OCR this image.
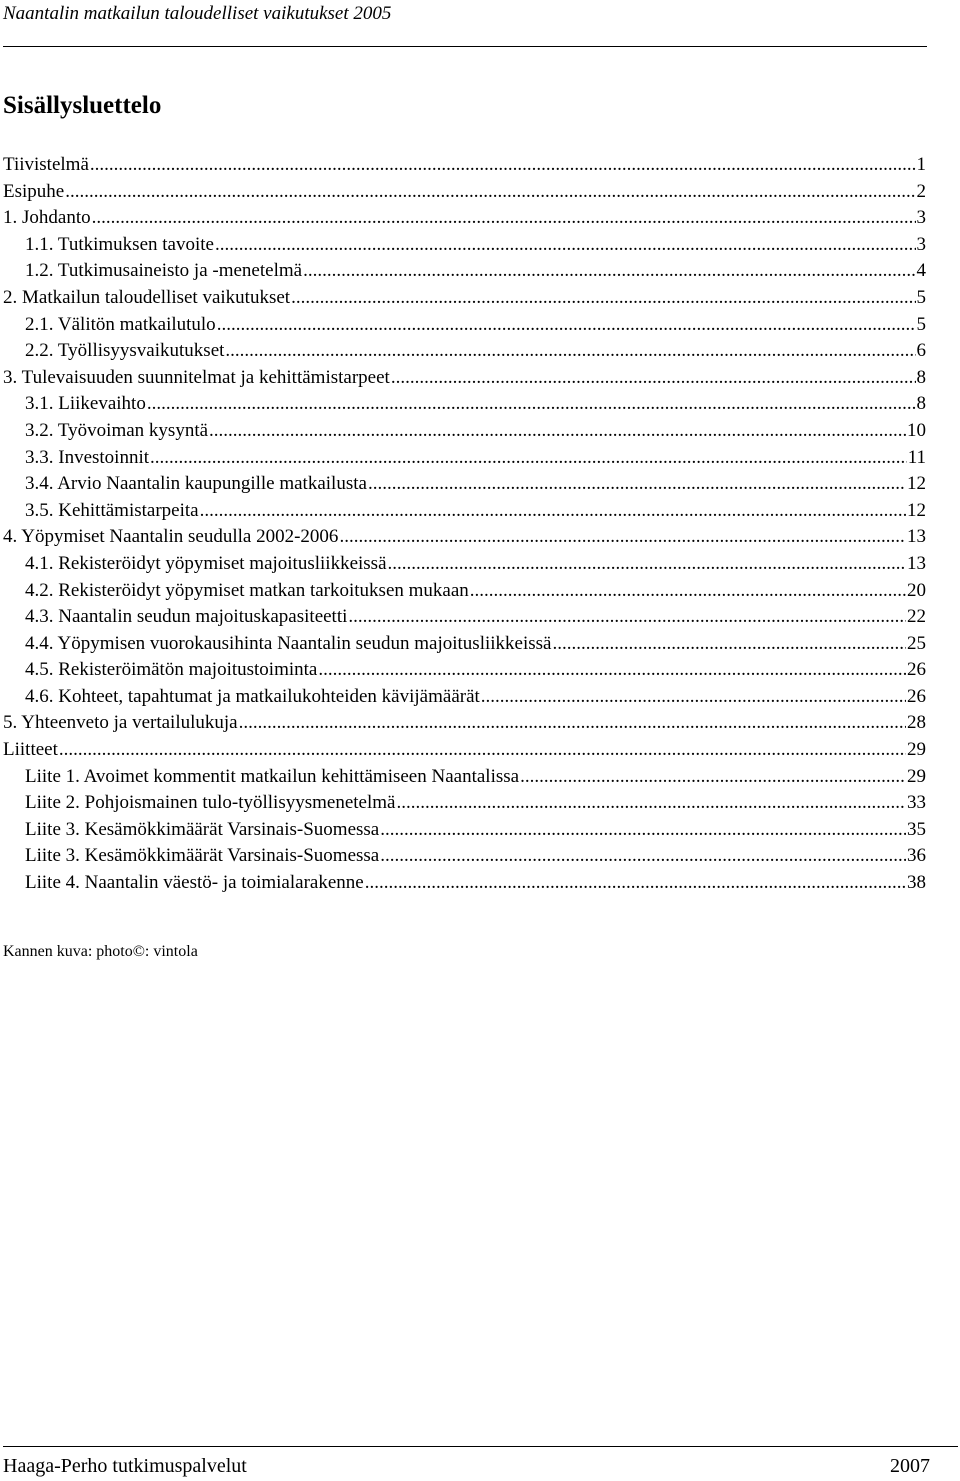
Naantalin matkailun taloudelliset vaikutukset 2005
Sisällysluettelo
Tiivistelmä .....	1
Esipuhe .....	2
1. Johdanto .....	3
1.1. Tutkimuksen tavoite .....	3
1.2. Tutkimusaineisto ja -menetelmä .....	4
2. Matkailun taloudelliset vaikutukset .....	5
2.1. Välitön matkailutulo .....	5
2.2. Työllisyysvaikutukset .....	6
3. Tulevaisuuden suunnitelmat ja kehittämistarpeet .....	8
3.1. Liikevaihto .....	8
3.2. Työvoiman kysyntä .....	10
3.3. Investoinnit .....	11
3.4. Arvio Naantalin kaupungille matkailusta .....	12
3.5. Kehittämistarpeita .....	12
4. Yöpymiset Naantalin seudulla 2002-2006 .....	13
4.1. Rekisteröidyt yöpymiset majoitusliikkeissä .....	13
4.2. Rekisteröidyt yöpymiset matkan tarkoituksen mukaan .....	20
4.3. Naantalin seudun majoituskapasiteetti .....	22
4.4. Yöpymisen vuorokausihinta Naantalin seudun majoitusliikkeissä .....	25
4.5. Rekisteröimätön majoitustoiminta .....	26
4.6. Kohteet, tapahtumat ja matkailukohteiden kävijämäärät .....	26
5. Yhteenveto ja vertailulukuja .....	28
Liitteet .....	29
Liite 1. Avoimet kommentit matkailun kehittämiseen Naantalissa .....	29
Liite 2. Pohjoismainen tulo-työllisyysmenetelmä .....	33
Liite 3. Kesämökkimäärät Varsinais-Suomessa .....	35
Liite 3. Kesämökkimäärät Varsinais-Suomessa .....	36
Liite 4. Naantalin väestö- ja toimialarakenne .....	38
Kannen kuva: photo©: vintola
Haaga-Perho tutkimuspalvelut	2007
